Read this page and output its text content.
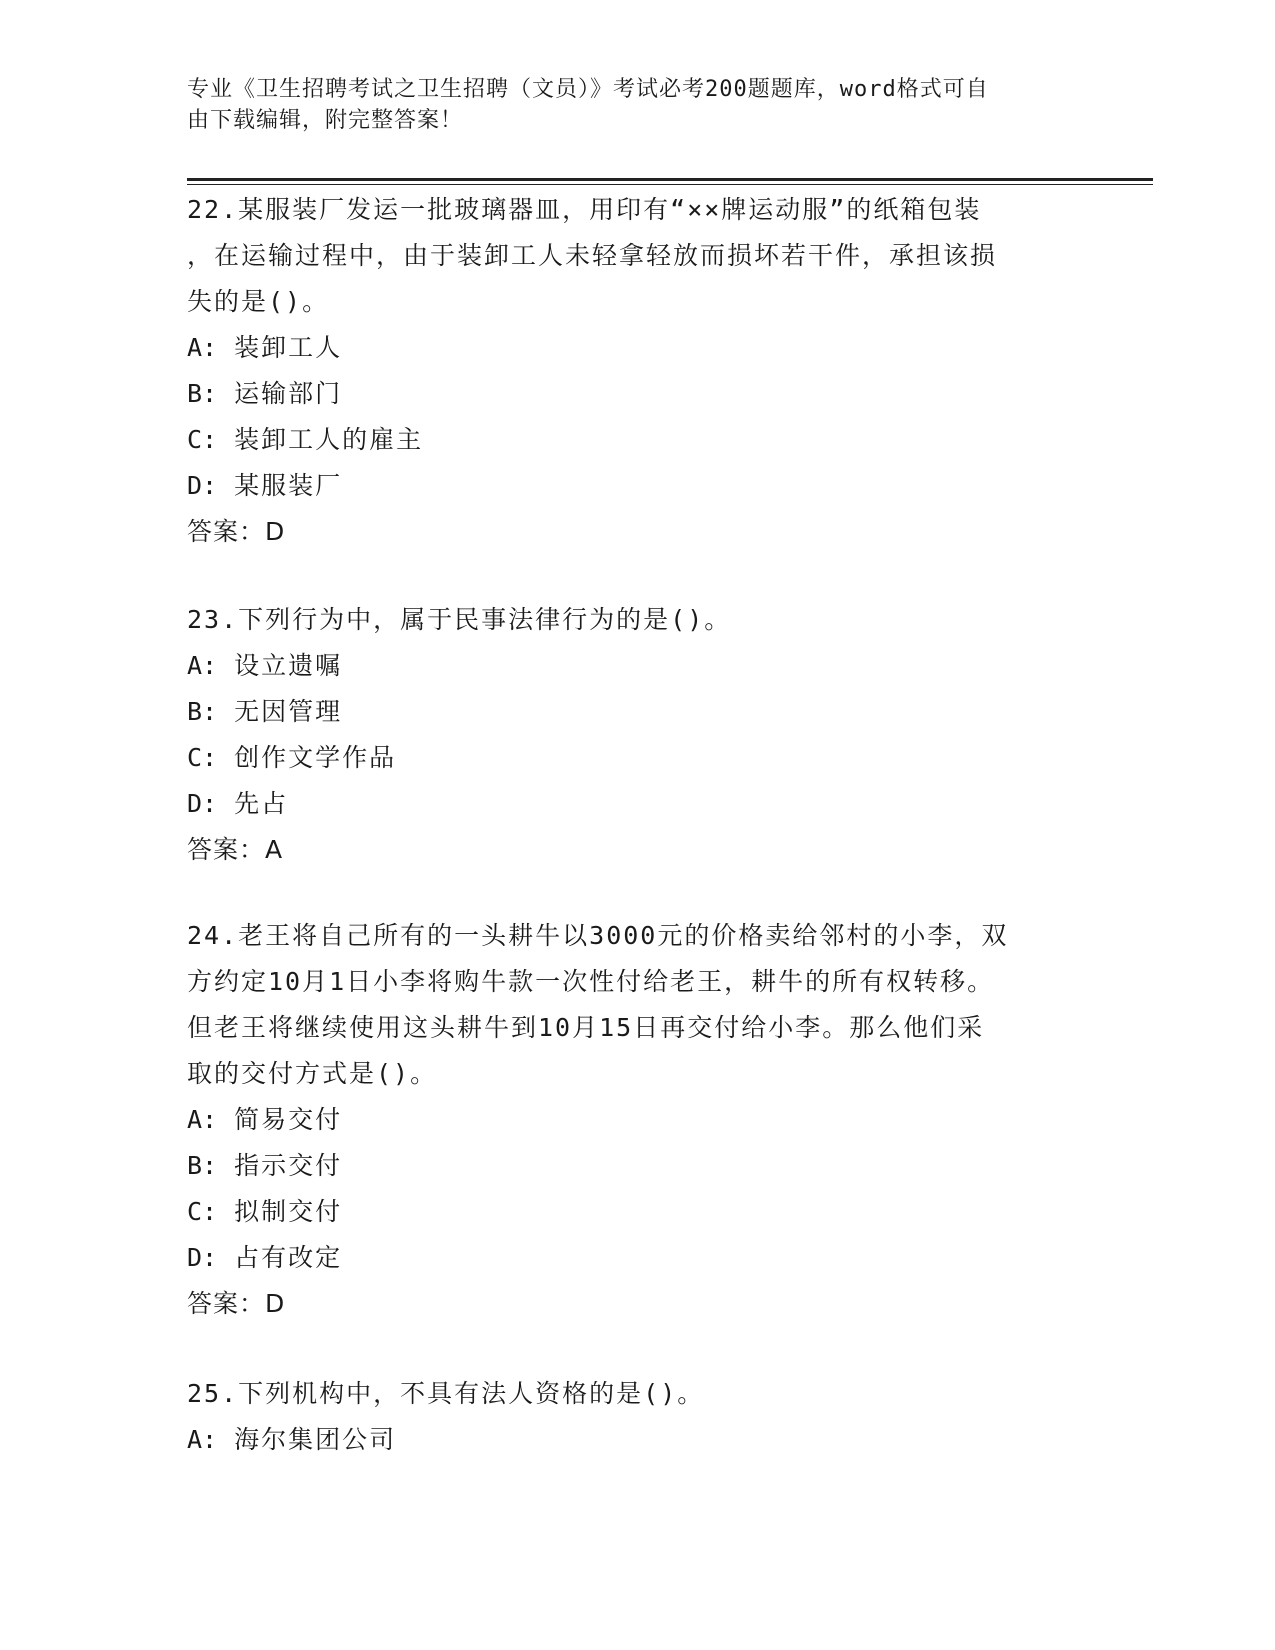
专业《卫生招聘考试之卫生招聘（文员）》考试必考200题题库，word格式可自
由下载编辑，附完整答案！
22.某服装厂发运一批玻璃器皿，用印有“××牌运动服”的纸箱包装
，在运输过程中，由于装卸工人未轻拿轻放而损坏若干件，承担该损
失的是()。
A: 装卸工人
B: 运输部门
C: 装卸工人的雇主
D: 某服装厂
答案：D
23.下列行为中，属于民事法律行为的是()。
A: 设立遗嘱
B: 无因管理
C: 创作文学作品
D: 先占
答案：A
24.老王将自己所有的一头耕牛以3000元的价格卖给邻村的小李，双
方约定10月1日小李将购牛款一次性付给老王，耕牛的所有权转移。
但老王将继续使用这头耕牛到10月15日再交付给小李。那么他们采
取的交付方式是()。
A: 简易交付
B: 指示交付
C: 拟制交付
D: 占有改定
答案：D
25.下列机构中，不具有法人资格的是()。
A: 海尔集团公司
